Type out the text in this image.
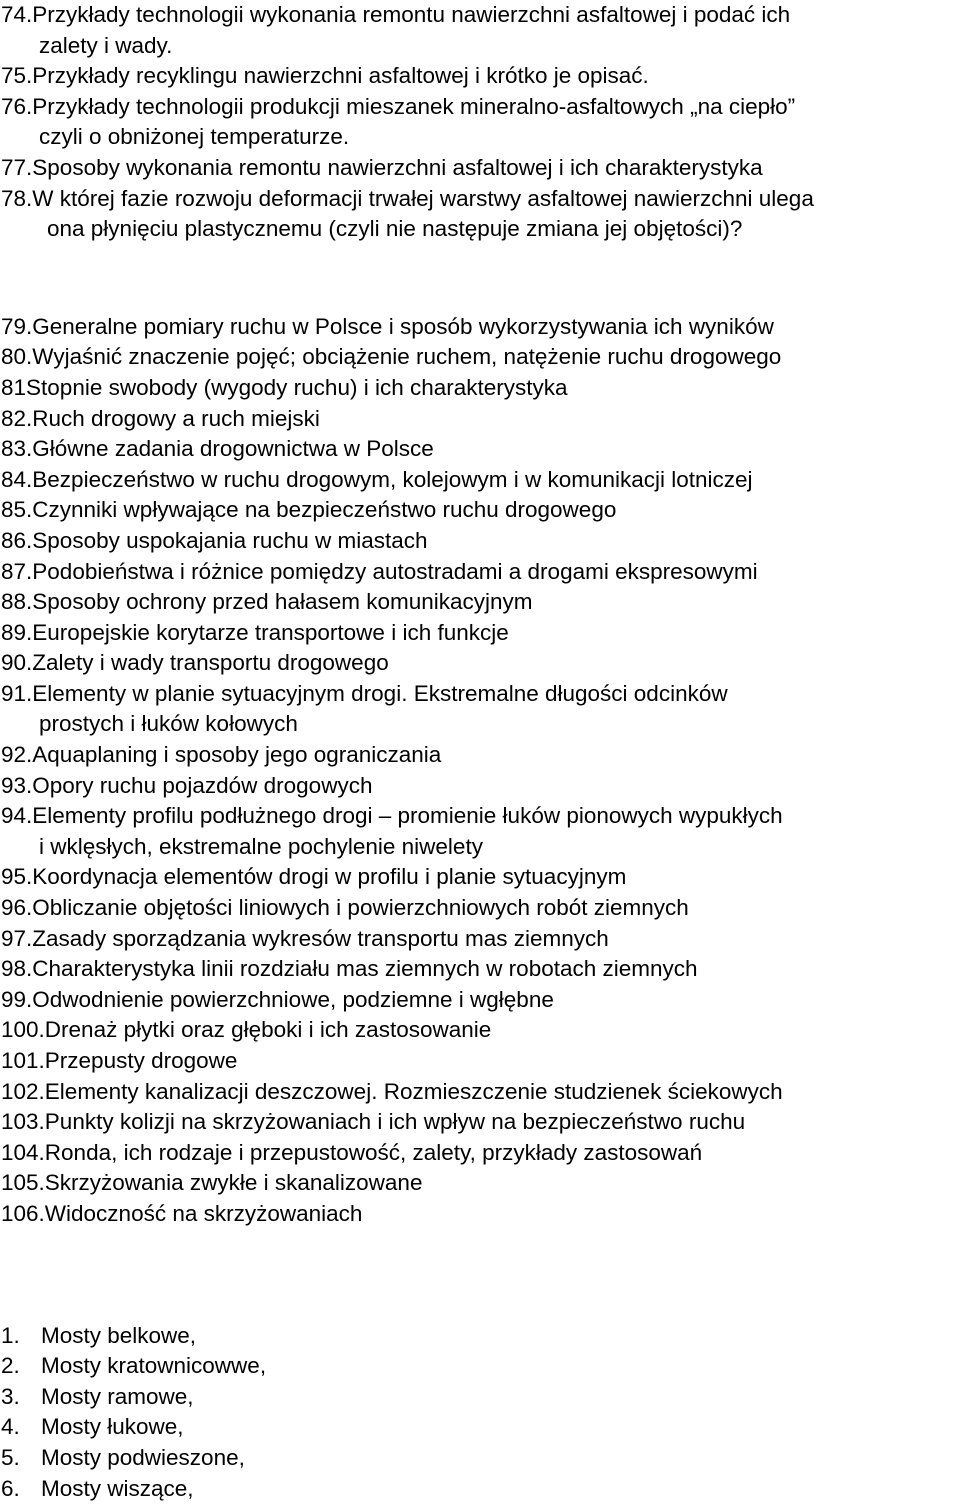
74.Przykłady technologii wykonania remontu nawierzchni asfaltowej i podać ich
zalety i wady.
75.Przykłady recyklingu nawierzchni asfaltowej i krótko je opisać.
76.Przykłady technologii produkcji mieszanek mineralno-asfaltowych „na ciepło”
czyli o obniżonej temperaturze.
77.Sposoby wykonania remontu nawierzchni asfaltowej i ich charakterystyka
78.W której fazie rozwoju deformacji trwałej warstwy asfaltowej nawierzchni ulega
ona płynięciu plastycznemu (czyli nie następuje zmiana jej objętości)?
79.Generalne pomiary ruchu w Polsce i sposób wykorzystywania ich wyników
80.Wyjaśnić znaczenie pojęć; obciążenie ruchem, natężenie ruchu drogowego
81Stopnie swobody (wygody ruchu) i ich charakterystyka
82.Ruch drogowy a ruch miejski
83.Główne zadania drogownictwa w Polsce
84.Bezpieczeństwo w ruchu drogowym, kolejowym i w komunikacji lotniczej
85.Czynniki wpływające na bezpieczeństwo ruchu drogowego
86.Sposoby uspokajania ruchu w miastach
87.Podobieństwa i różnice pomiędzy autostradami a drogami ekspresowymi
88.Sposoby ochrony przed hałasem komunikacyjnym
89.Europejskie korytarze transportowe i ich funkcje
90.Zalety i wady transportu drogowego
91.Elementy w planie sytuacyjnym drogi. Ekstremalne długości odcinków
prostych i łuków kołowych
92.Aquaplaning i sposoby jego ograniczania
93.Opory ruchu pojazdów drogowych
94.Elementy profilu podłużnego drogi – promienie łuków pionowych wypukłych
i wklęsłych, ekstremalne pochylenie niwelety
95.Koordynacja elementów drogi w profilu i planie sytuacyjnym
96.Obliczanie objętości liniowych i powierzchniowych robót ziemnych
97.Zasady sporządzania wykresów transportu mas ziemnych
98.Charakterystyka linii rozdziału mas ziemnych w robotach ziemnych
99.Odwodnienie powierzchniowe, podziemne i wgłębne
100.Drenaż płytki oraz głęboki i ich zastosowanie
101.Przepusty drogowe
102.Elementy kanalizacji deszczowej. Rozmieszczenie studzienek ściekowych
103.Punkty kolizji na skrzyżowaniach i ich wpływ na bezpieczeństwo ruchu
104.Ronda, ich rodzaje i przepustowość, zalety, przykłady zastosowań
105.Skrzyżowania zwykłe i skanalizowane
106.Widoczność na skrzyżowaniach
1. Mosty belkowe,
2. Mosty kratownicowwe,
3. Mosty ramowe,
4. Mosty łukowe,
5. Mosty podwieszone,
6. Mosty wiszące,
